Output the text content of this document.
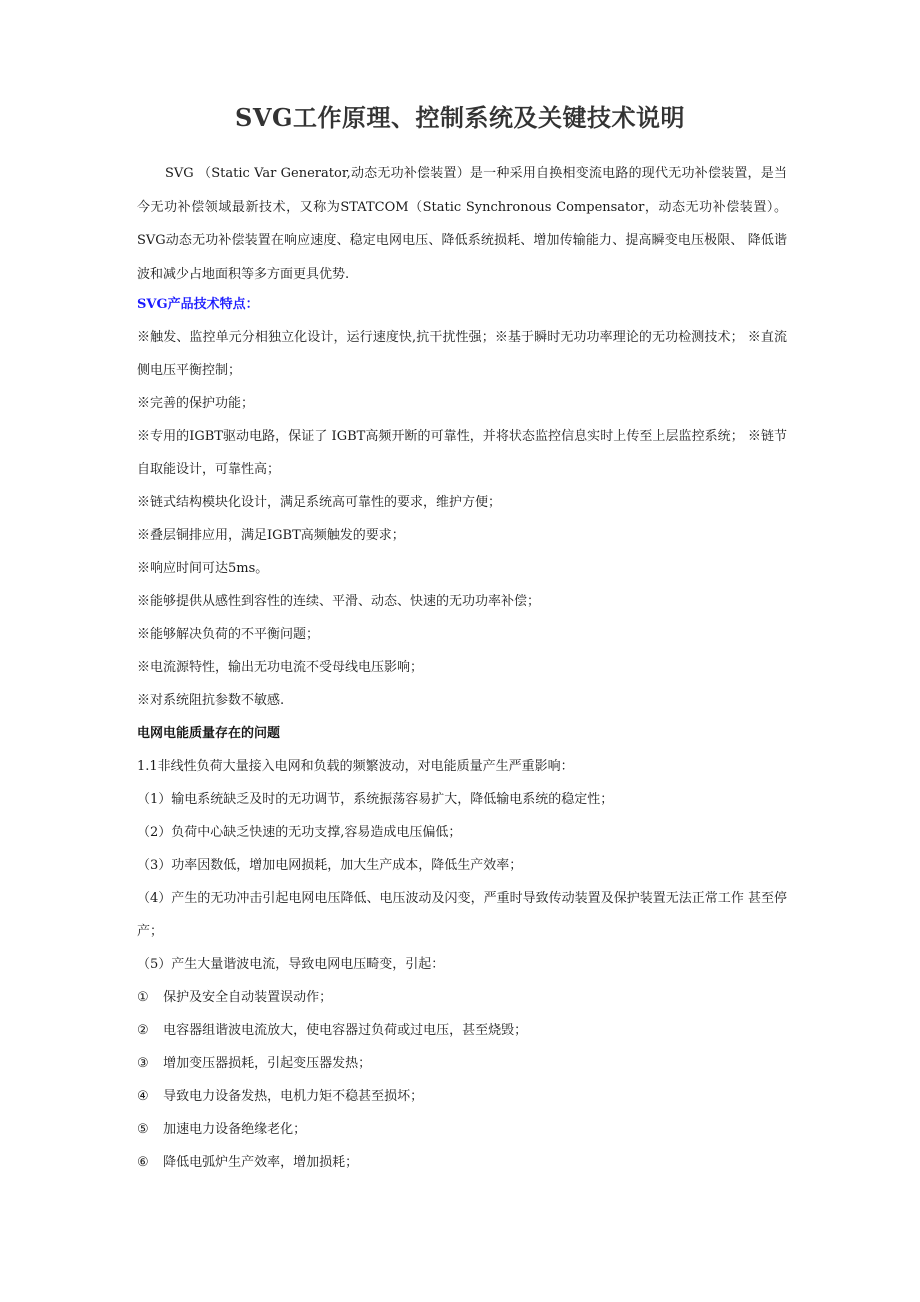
SVG工作原理、控制系统及关键技术说明
SVG （Static Var Generator,动态无功补偿装置）是一种采用自换相变流电路的现代无功补偿装置，是当 今无功补偿领域最新技术，又称为STATCOM（Static Synchronous Compensator，动态无功补偿装置）。 SVG动态无功补偿装置在响应速度、稳定电网电压、降低系统损耗、增加传输能力、提高瞬变电压极限、 降低谐波和减少占地面积等多方面更具优势.
SVG产品技术特点：
※触发、监控单元分相独立化设计，运行速度快,抗干扰性强；※基于瞬时无功功率理论的无功检测技术； ※直流侧电压平衡控制；
※完善的保护功能；
※专用的IGBT驱动电路，保证了 IGBT高频开断的可靠性，并将状态监控信息实时上传至上层监控系统； ※链节自取能设计，可靠性高；
※链式结构模块化设计，满足系统高可靠性的要求，维护方便；
※叠层铜排应用，满足IGBT高频触发的要求；
※响应时间可达5ms。
※能够提供从感性到容性的连续、平滑、动态、快速的无功功率补偿；
※能够解决负荷的不平衡问题；
※电流源特性，输出无功电流不受母线电压影响；
※对系统阻抗参数不敏感.
电网电能质量存在的问题
1.1非线性负荷大量接入电网和负载的频繁波动，对电能质量产生严重影响：
（1）输电系统缺乏及时的无功调节，系统振荡容易扩大，降低输电系统的稳定性；
（2）负荷中心缺乏快速的无功支撑,容易造成电压偏低；
（3）功率因数低，增加电网损耗，加大生产成本，降低生产效率；
（4）产生的无功冲击引起电网电压降低、电压波动及闪变，严重时导致传动装置及保护装置无法正常工作 甚至停产；
（5）产生大量谐波电流，导致电网电压畸变，引起：
① 保护及安全自动装置误动作；
② 电容器组谐波电流放大，使电容器过负荷或过电压，甚至烧毁；
③ 增加变压器损耗，引起变压器发热；
④ 导致电力设备发热，电机力矩不稳甚至损坏；
⑤ 加速电力设备绝缘老化；
⑥ 降低电弧炉生产效率，增加损耗；
